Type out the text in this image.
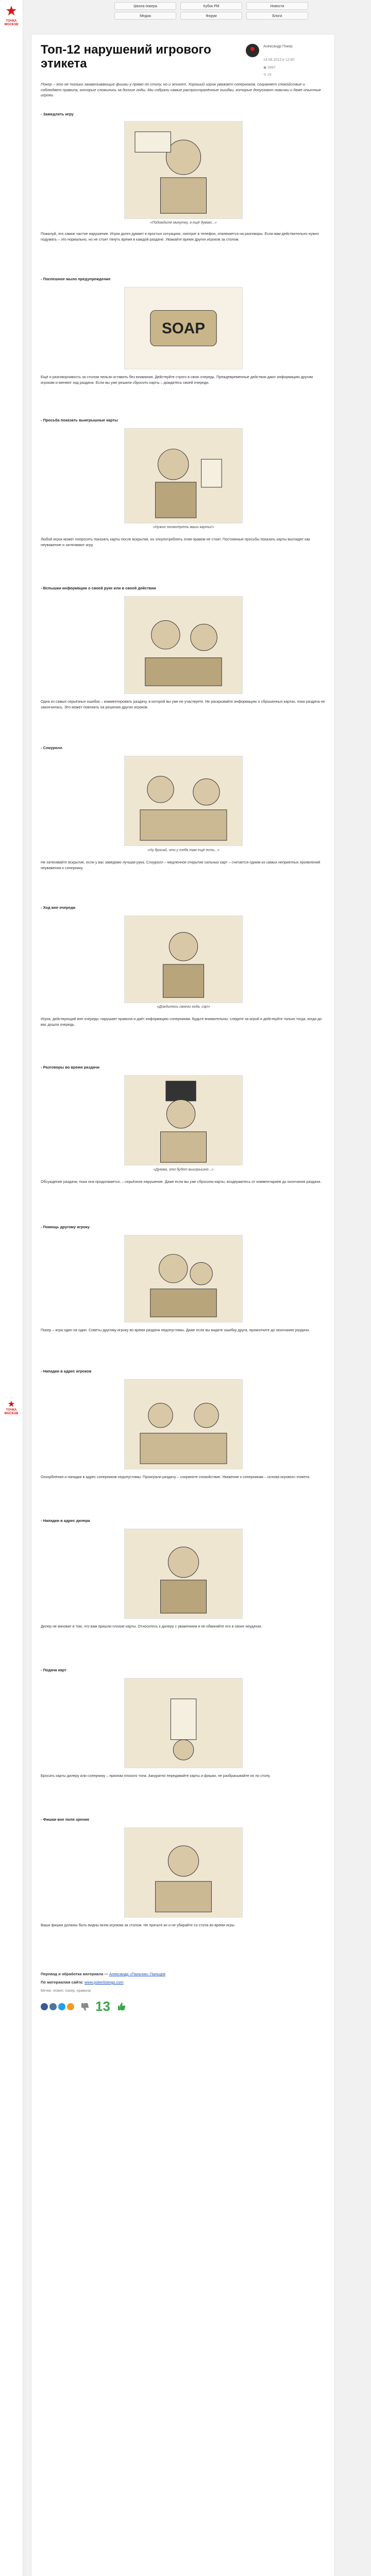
ТОЧКА
МОСКОВ
ТОЧКА
МОСКОВ
Школа покера	Кубок РМ	Новости
Медиа	Форум	Блоги
Топ-12 нарушений игрового этикета
Александр Покер
14.08.2013 в 12:00
◉ 3397
✎ 15

Покер – это не только захватывающие фишки у прямо по столу, но и этикет. Хороший игрок уважает соперников, сохраняет спокойствие и соблюдает правила, которые сложились за долгие годы. Мы собрали самые распространённые ошибки, которые допускают новички и даже опытные игроки.

- Замедлять игру

«Подождите минутку, я ещё думаю...»

Пожалуй, это самое частое нарушение. Игрок долго думает в простых ситуациях, смотрит в телефон, отвлекается на разговоры. Если вам действительно нужно подумать – это нормально, но не стоит тянуть время в каждой раздаче. Уважайте время других игроков за столом.

- Поспешное мыло предупреждение

SOAP

Ещё и разговорчивость за столом нельзя оставить без внимания. Действуйте строго в свою очередь. Преждевременные действия дают информацию другим игрокам и меняют ход раздачи. Если вы уже решили сбросить карты – дождитесь своей очереди.

- Просьба показать выигрышные карты

«Нужно посмотреть ваши карты!»

Любой игрок может попросить показать карты после вскрытия, но злоупотреблять этим правом не стоит. Постоянные просьбы показать карты выглядят как неуважение и затягивают игру.

- Вспышки информации о своей руке или в своей действии

Одна из самых серьёзных ошибок – комментировать раздачу, в которой вы уже не участвуете. Не раскрывайте информацию о сброшенных картах, пока раздача не закончилась. Это может повлиять на решения других игроков.

- Слоуролл

«Ну бросай, что у тебя там ещё есть...»

Не затягивайте вскрытие, если у вас заведомо лучшая рука. Слоуролл – медленное открытие сильных карт – считается одним из самых неприятных проявлений неуважения к сопернику.

- Ход вне очереди

«Дождитесь своего хода, сэр!»

Игрок, действующий вне очереди, нарушает правила и даёт информацию соперникам. Будьте внимательны: следите за игрой и действуйте только тогда, когда до вас дошла очередь.

- Разговоры во время раздачи

«Думаю, это будет выигрышно...»

Обсуждение раздачи, пока она продолжается, – серьёзное нарушение. Даже если вы уже сбросили карты, воздержитесь от комментариев до окончания раздачи.

- Помощь другому игроку

Покер – игра один на один. Советы другому игроку во время раздачи недопустимы. Даже если вы видите ошибку друга, промолчите до окончания раздачи.

- Нападки в адрес игроков

Оскорбления и нападки в адрес соперников недопустимы. Проиграли раздачу – сохраните спокойствие. Уважение к соперникам – основа игрового этикета.

- Нападки в адрес дилера

Дилер не виноват в том, что вам пришли плохие карты. Относитесь к дилеру с уважением и не обвиняйте его в своих неудачах.

- Подача карт

Бросать карты дилеру или сопернику – признак плохого тона. Аккуратно передавайте карты и фишки, не разбрасывайте их по столу.

- Фишки вне поля зрения

Ваши фишки должны быть видны всем игрокам за столом. Не прячьте их и не убирайте со стола во время игры.

Перевод и обработка материала — Александр «Пальчик» Пальцев

По материалам сайта: www.pokerlistings.com

Метки: этикет, покер, правила
13
